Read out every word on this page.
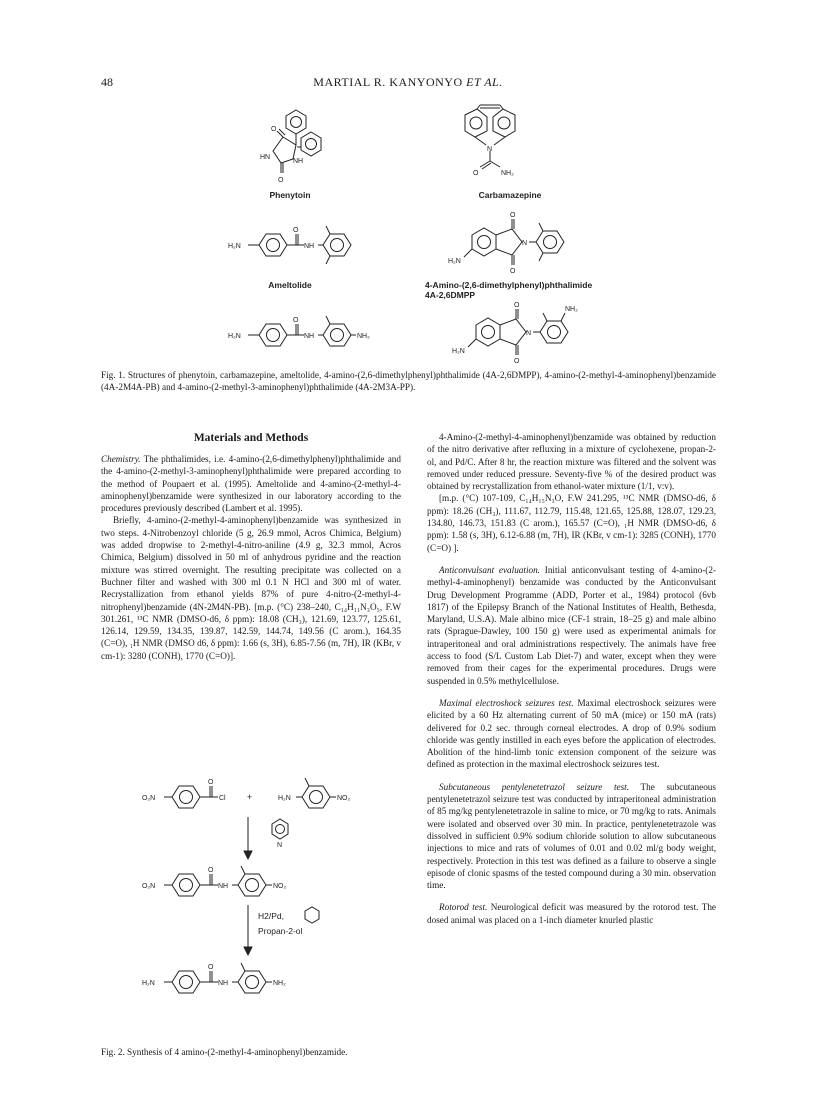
48	MARTIAL R. KANYONYO ET AL.
O
HN
NH
O
N
O	NH₂
H₂N
O
NH
H₂N
O
N
O
H₂N
O
NH	NH₂
H₂N
O
N
O
NH₂
Phenytoin	Carbamazepine
Ameltolide	4-Amino-(2,6-dimethylphenyl)phthalimide
4A-2,6DMPP
Fig. 1. Structures of phenytoin, carbamazepine, ameltolide, 4-amino-(2,6-dimethylphenyl)phthalimide (4A-2,6DMPP), 4-amino-(2-methyl-4-aminophenyl)benzamide (4A-2M4A-PB) and 4-amino-(2-methyl-3-aminophenyl)phthalimide (4A-2M3A-PP).
Materials and Methods

Chemistry. The phthalimides, i.e. 4-amino-(2,6-dimethylphenyl)phthalimide and the 4-amino-(2-methyl-3-aminophenyl)phthalimide were prepared according to the method of Poupaert et al. (1995). Ameltolide and 4-amino-(2-methyl-4-aminophenyl)benzamide were synthesized in our laboratory according to the procedures previously described (Lambert et al. 1995).

Briefly, 4-amino-(2-methyl-4-aminophenyl)benzamide was synthesized in two steps. 4-Nitrobenzoyl chloride (5 g, 26.9 mmol, Acros Chimica, Belgium) was added dropwise to 2-methyl-4-nitro-aniline (4.9 g, 32.3 mmol, Acros Chimica, Belgium) dissolved in 50 ml of anhydrous pyridine and the reaction mixture was stirred overnight. The resulting precipitate was collected on a Buchner filter and washed with 300 ml 0.1 N HCl and 300 ml of water. Recrystallization from ethanol yields 87% of pure 4-nitro-(2-methyl-4-nitrophenyl)benzamide (4N-2M4N-PB). [m.p. (°C) 238–240, C₁₄H₁₁N₃O₅, F.W 301.261, ¹³C NMR (DMSO-d6, δ ppm): 18.08 (CH₃), 121.69, 123.77, 125.61, 126.14, 129.59, 134.35, 139.87, 142.59, 144.74, 149.56 (C arom.), 164.35 (C=O), ₁H NMR (DMSO d6, δ ppm): 1.66 (s, 3H), 6.85-7.56 (m, 7H), IR (KBr, v cm-1): 3280 (CONH), 1770 (C=O)].

O₂N
O
Cl +	H₂N	NO₂
N
O₂N
O
NH	NO₂
H₂N
O
NH	NH₂
H2/Pd,
Propan-2-ol
Fig. 2. Synthesis of 4 amino-(2-methyl-4-aminophenyl)benzamide.

4-Amino-(2-methyl-4-aminophenyl)benzamide was obtained by reduction of the nitro derivative after refluxing in a mixture of cyclohexene, propan-2-ol, and Pd/C. After 8 hr, the reaction mixture was filtered and the solvent was removed under reduced pressure. Seventy-five % of the desired product was obtained by recrystallization from ethanol-water mixture (1/1, v:v).

[m.p. (°C) 107-109, C₁₄H₁₅N₃O, F.W 241.295, ¹³C NMR (DMSO-d6, δ ppm): 18.26 (CH₃), 111.67, 112.79, 115.48, 121.65, 125.88, 128.07, 129.23, 134.80, 146.73, 151.83 (C arom.), 165.57 (C=O), ₁H NMR (DMSO-d6, δ ppm): 1.58 (s, 3H), 6.12-6.88 (m, 7H), IR (KBr, v cm-1): 3285 (CONH), 1770 (C=O) ].

Anticonvulsant evaluation. Initial anticonvulsant testing of 4-amino-(2-methyl-4-aminophenyl) benzamide was conducted by the Anticonvulsant Drug Development Programme (ADD, Porter et al., 1984) protocol (6vb 1817) of the Epilepsy Branch of the National Institutes of Health, Bethesda, Maryland, U.S.A). Male albino mice (CF-1 strain, 18–25 g) and male albino rats (Sprague-Dawley, 100 150 g) were used as experimental animals for intraperitoneal and oral administrations respectively. The animals have free access to food (S/L Custom Lab Diet-7) and water, except when they were removed from their cages for the experimental procedures. Drugs were suspended in 0.5% methylcellulose.

Maximal electroshock seizures test. Maximal electroshock seizures were elicited by a 60 Hz alternating current of 50 mA (mice) or 150 mA (rats) delivered for 0.2 sec. through corneal electrodes. A drop of 0.9% sodium chloride was gently instilled in each eyes before the application of electrodes. Abolition of the hind-limb tonic extension component of the seizure was defined as protection in the maximal electroshock seizures test.

Subcutaneous pentylenetetrazol seizure test. The subcutaneous pentylenetetrazol seizure test was conducted by intraperitoneal administration of 85 mg/kg pentylenetetrazole in saline to mice, or 70 mg/kg to rats. Animals were isolated and observed over 30 min. In practice, pentylenetetrazole was dissolved in sufficient 0.9% sodium chloride solution to allow subcutaneous injections to mice and rats of volumes of 0.01 and 0.02 ml/g body weight, respectively. Protection in this test was defined as a failure to observe a single episode of clonic spasms of the tested compound during a 30 min. observation time.

Rotorod test. Neurological deficit was measured by the rotorod test. The dosed animal was placed on a 1-inch diameter knurled plastic
